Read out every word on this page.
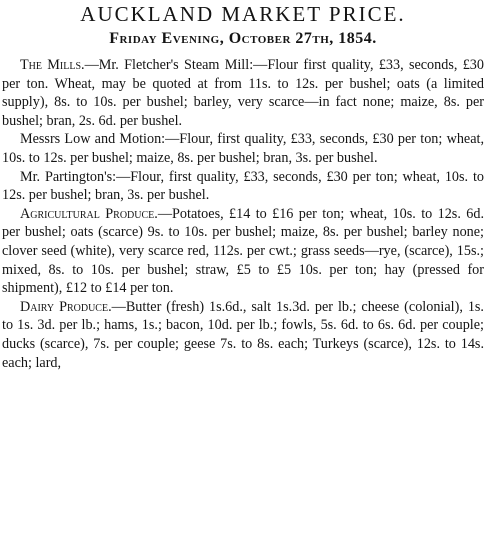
AUCKLAND MARKET PRICE.
Friday Evening, October 27th, 1854.

The Mills.—Mr. Fletcher's Steam Mill:—Flour first quality, £33, seconds, £30 per ton. Wheat, may be quoted at from 11s. to 12s. per bushel; oats (a limited supply), 8s. to 10s. per bushel; barley, very scarce—in fact none; maize, 8s. per bushel; bran, 2s. 6d. per bushel.

Messrs Low and Motion:—Flour, first quality, £33, seconds, £30 per ton; wheat, 10s. to 12s. per bushel; maize, 8s. per bushel; bran, 3s. per bushel.

Mr. Partington's:—Flour, first quality, £33, seconds, £30 per ton; wheat, 10s. to 12s. per bushel; bran, 3s. per bushel.

Agricultural Produce.—Potatoes, £14 to £16 per ton; wheat, 10s. to 12s. 6d. per bushel; oats (scarce) 9s. to 10s. per bushel; maize, 8s. per bushel; barley none; clover seed (white), very scarce red, 112s. per cwt.; grass seeds—rye, (scarce), 15s.; mixed, 8s. to 10s. per bushel; straw, £5 to £5 10s. per ton; hay (pressed for shipment), £12 to £14 per ton.

Dairy Produce.—Butter (fresh) 1s.6d., salt 1s.3d. per lb.; cheese (colonial), 1s. to 1s. 3d. per lb.; hams, 1s.; bacon, 10d. per lb.; fowls, 5s. 6d. to 6s. 6d. per couple; ducks (scarce), 7s. per couple; geese 7s. to 8s. each; Turkeys (scarce), 12s. to 14s. each; lard,
